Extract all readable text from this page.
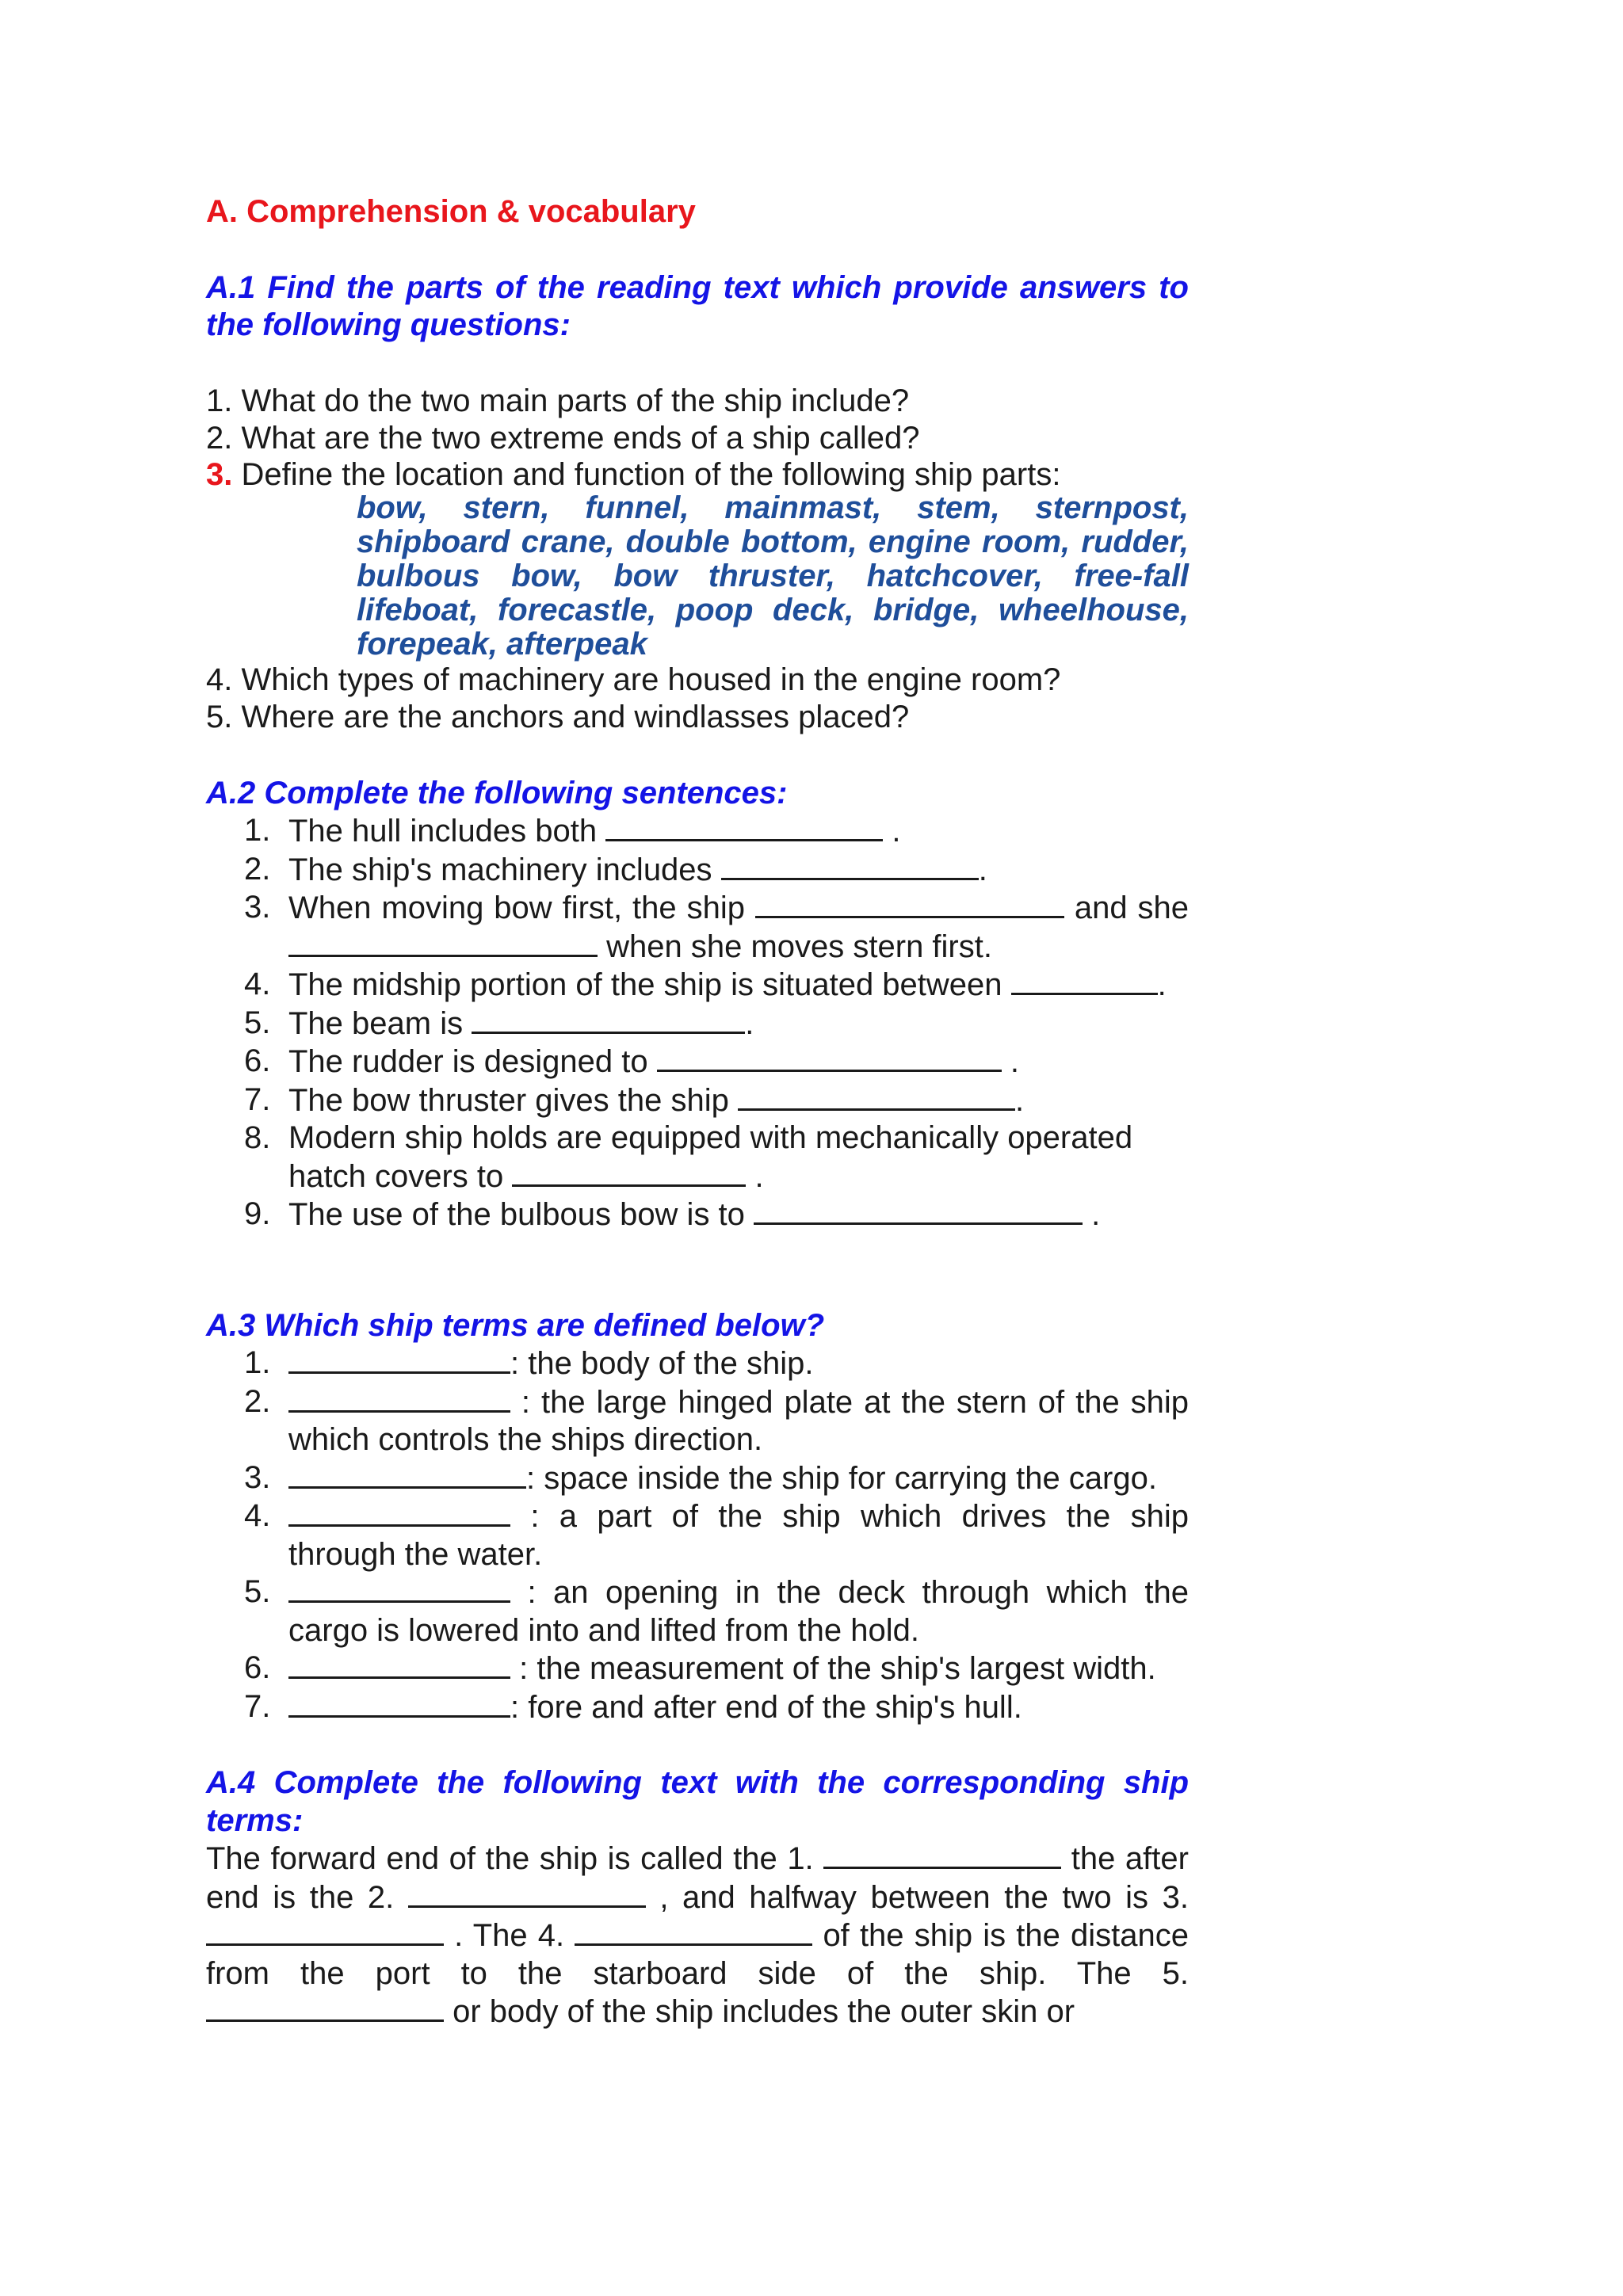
A. Comprehension & vocabulary
A.1 Find the parts of the reading text which provide answers to the following questions:
1. What do the two main parts of the ship include?
2. What are the two extreme ends of a ship called?
3. Define the location and function of the following ship parts:
bow, stern, funnel, mainmast, stem, sternpost, shipboard crane, double bottom, engine room, rudder, bulbous bow, bow thruster, hatchcover, free-fall lifeboat, forecastle, poop deck, bridge, wheelhouse, forepeak, afterpeak
4. Which types of machinery are housed in the engine room?
5. Where are the anchors and windlasses placed?
A.2 Complete the following sentences:
1. The hull includes both	.
2. The ship's machinery includes	.
3. When moving bow first, the ship	and she
when she moves stern first.
4. The midship portion of the ship is situated between	.
5. The beam is	.
6. The rudder is designed to	.
7. The bow thruster gives the ship	.
8. Modern ship holds are equipped with mechanically operated hatch covers to	.
9. The use of the bulbous bow is to	.
A.3 Which ship terms are defined below?
1.	: the body of the ship.
2.	: the large hinged plate at the stern of the ship which controls the ships direction.
3.	: space inside the ship for carrying the cargo.
4.	: a part of the ship which drives the ship through the water.
5.	: an opening in the deck through which the cargo is lowered into and lifted from the hold.
6.	: the measurement of the ship's largest width.
7.	: fore and after end of the ship's hull.
A.4 Complete the following text with the corresponding ship terms:
The forward end of the ship is called the 1.	the after end is the 2.	, and halfway between the two is 3.  . The 4.	of the ship is the distance from the port to the starboard side of the ship. The 5.  or body of the ship includes the outer skin or
